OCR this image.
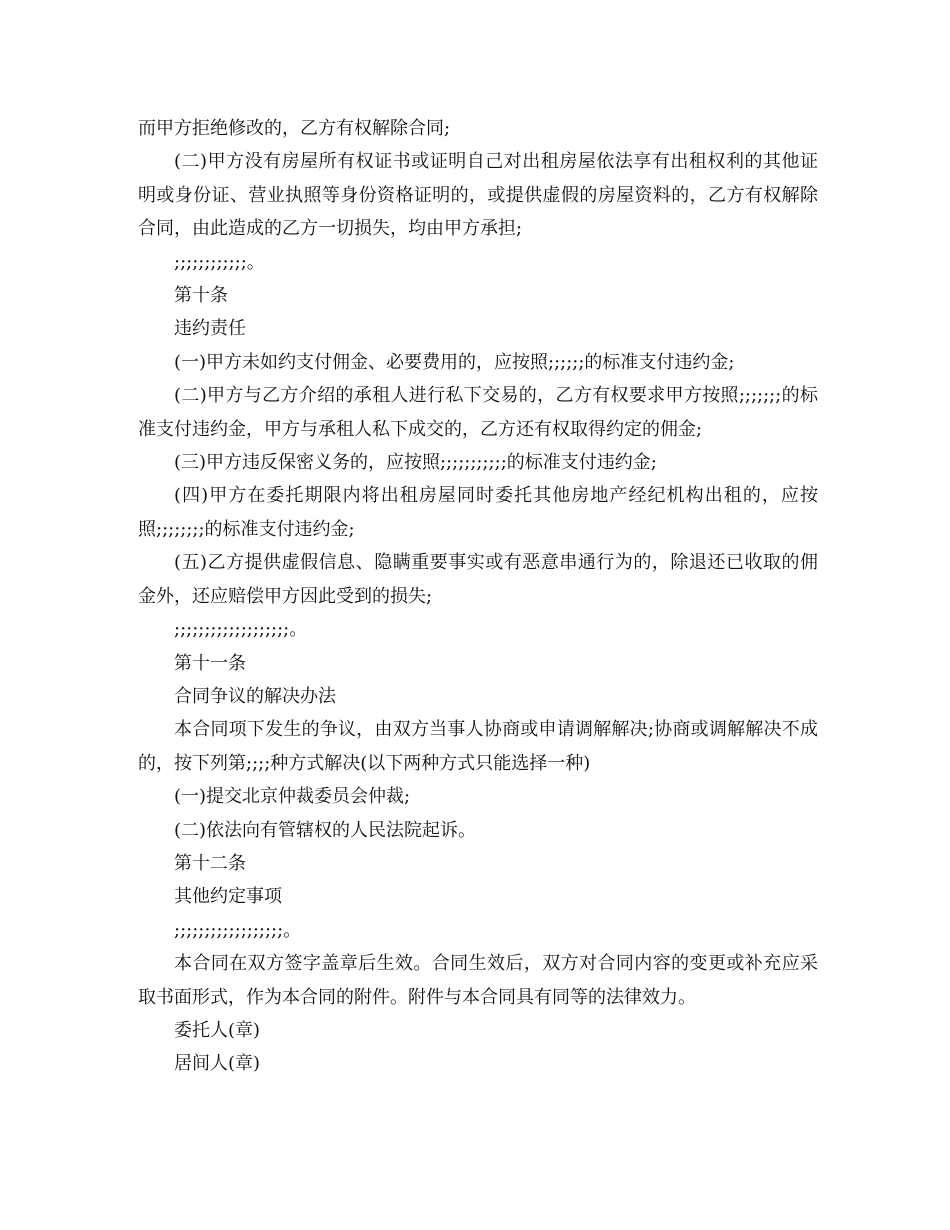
而甲方拒绝修改的，乙方有权解除合同;

(二)甲方没有房屋所有权证书或证明自己对出租房屋依法享有出租权利的其他证明或身份证、营业执照等身份资格证明的，或提供虚假的房屋资料的，乙方有权解除合同，由此造成的乙方一切损失，均由甲方承担;

;;;;;;;;;;;;。

第十条

违约责任

(一)甲方未如约支付佣金、必要费用的，应按照;;;;;;的标准支付违约金;

(二)甲方与乙方介绍的承租人进行私下交易的，乙方有权要求甲方按照;;;;;;;的标准支付违约金，甲方与承租人私下成交的，乙方还有权取得约定的佣金;

(三)甲方违反保密义务的，应按照;;;;;;;;;;;的标准支付违约金;

(四)甲方在委托期限内将出租房屋同时委托其他房地产经纪机构出租的，应按照;;;;;;;;的标准支付违约金;

(五)乙方提供虚假信息、隐瞒重要事实或有恶意串通行为的，除退还已收取的佣金外，还应赔偿甲方因此受到的损失;

;;;;;;;;;;;;;;;;;;;。

第十一条

合同争议的解决办法

本合同项下发生的争议，由双方当事人协商或申请调解解决;协商或调解解决不成的，按下列第;;;;种方式解决(以下两种方式只能选择一种)

(一)提交北京仲裁委员会仲裁;

(二)依法向有管辖权的人民法院起诉。

第十二条

其他约定事项

;;;;;;;;;;;;;;;;;;。

本合同在双方签字盖章后生效。合同生效后，双方对合同内容的变更或补充应采取书面形式，作为本合同的附件。附件与本合同具有同等的法律效力。

委托人(章)

居间人(章)
